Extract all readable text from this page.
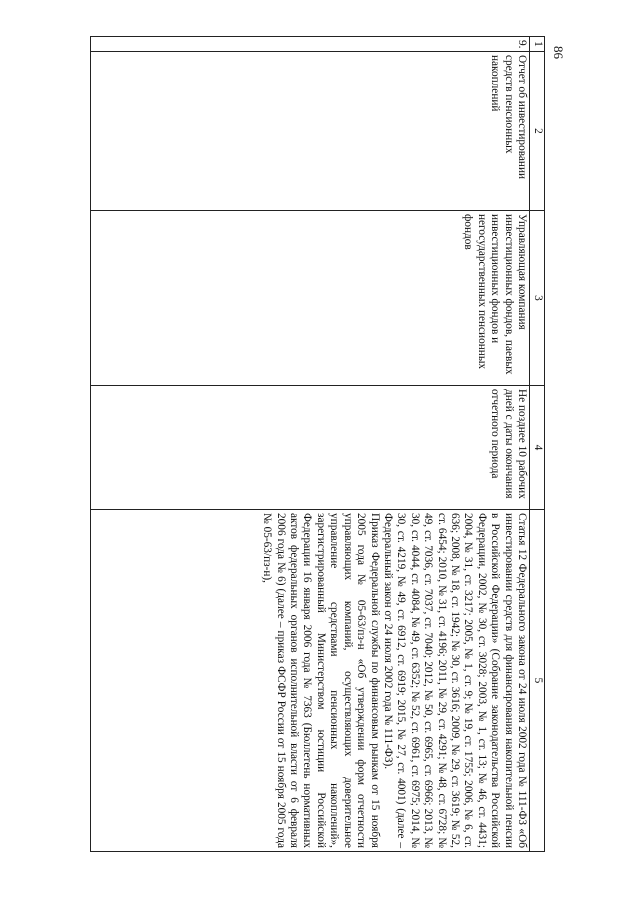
86
1	2	3	4	5
9.	Отчет об инвестировании средств пенсионных накоплений	Управляющая компания инвестиционных фондов, паевых инвестиционных фондов и негосударственных пенсионных фондов	Не позднее 10 рабочих дней с даты окончания отчетного периода	Статья 12 Федерального закона от 24 июля 2002 года № 111-ФЗ «Об инвестировании средств для финансирования накопительной пенсии в Российской Федерации» (Собрание законодательства Российской Федерации, 2002, № 30, ст. 3028; 2003, № 1, ст. 13; № 46, ст. 4431; 2004, № 31, ст. 3217; 2005, № 1, ст. 9; № 19, ст. 1755; 2006, № 6, ст. 636; 2008, № 18, ст. 1942; № 30, ст. 3616; 2009, № 29, ст. 3619; № 52, ст. 6454; 2010, № 31, ст. 4196; 2011, № 29, ст. 4291; № 48, ст. 6728; № 49, ст. 7036, ст. 7037, ст. 7040; 2012, № 50, ст. 6965, ст. 6966; 2013, № 30, ст. 4044, ст. 4084, № 49, ст. 6352; № 52, ст. 6961, ст. 6975; 2014, № 30, ст. 4219, № 49, ст. 6912, ст. 6919; 2015, № 27, ст. 4001) (далее – Федеральный закон от 24 июля 2002 года № 111-ФЗ).

Приказ Федеральной службы по финансовым рынкам от 15 ноября 2005 года № 05-63/пз-н «Об утверждении форм отчетности управляющих компаний, осуществляющих доверительное управление средствами пенсионных накоплений», зарегистрированный Министерством юстиции Российской Федерации 16 января 2006 года № 7363 (Бюллетень нормативных актов федеральных органов исполнительной власти от 6 февраля 2006 года № 6) (далее – приказ ФСФР России от 15 ноября 2005 года № 05-63/пз-н),
